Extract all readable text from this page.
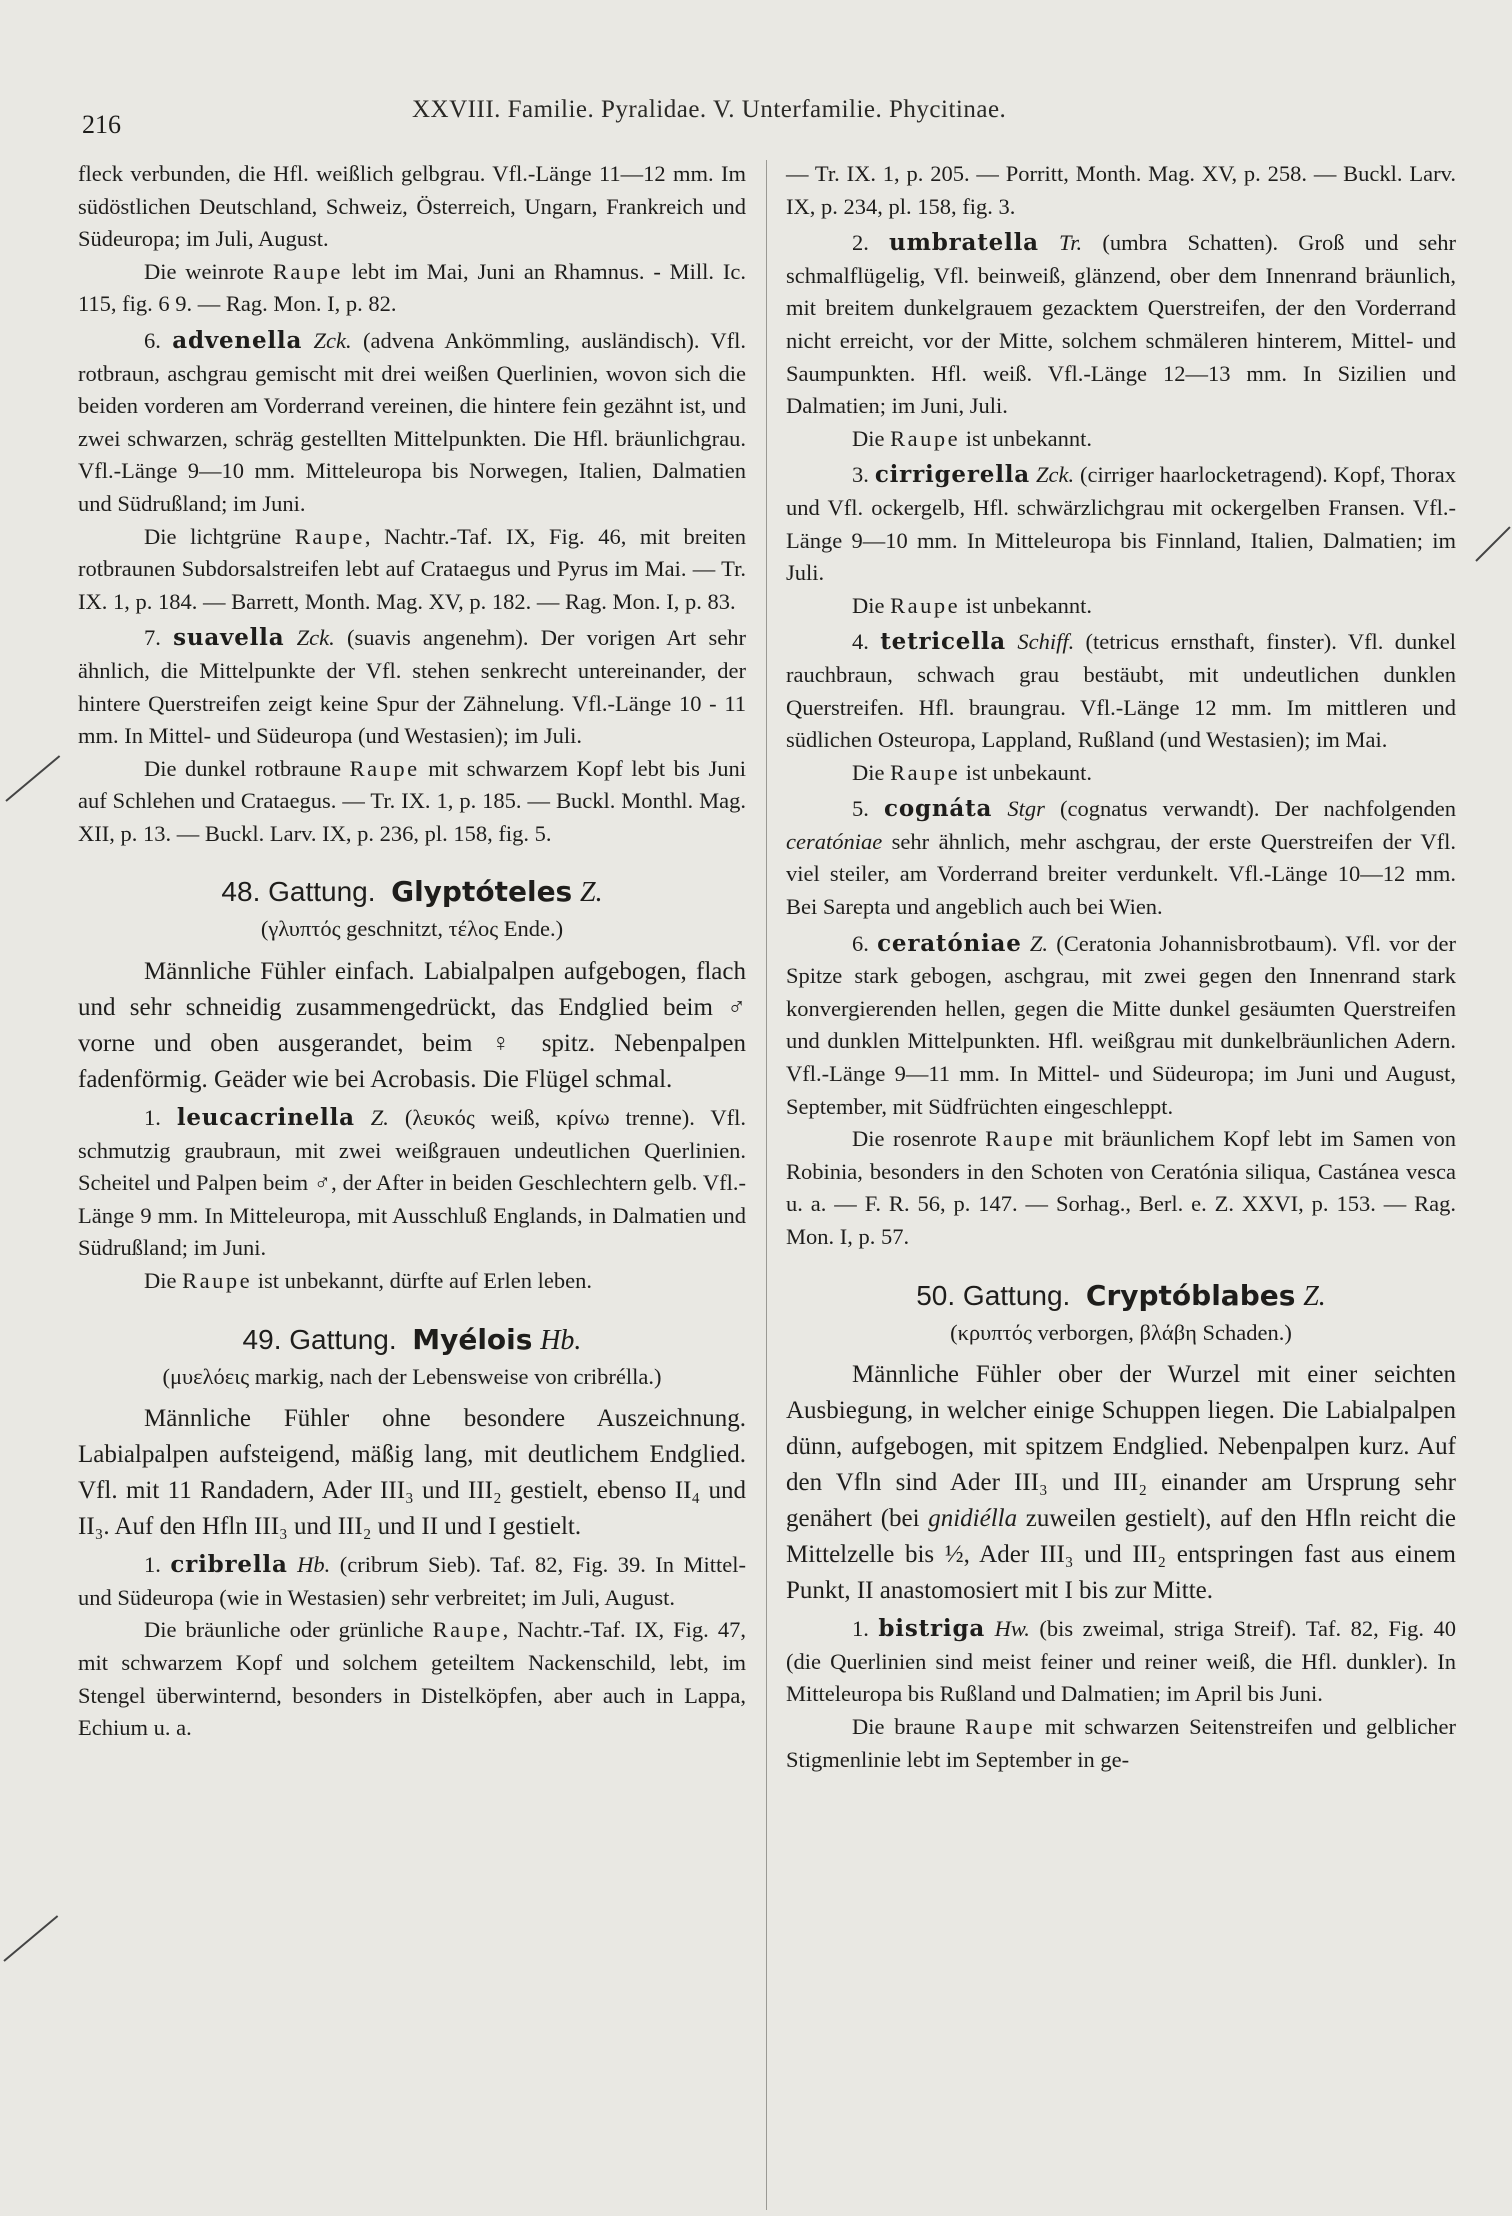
216
XXVIII. Familie. Pyralidae. V. Unterfamilie. Phycitinae.

fleck verbunden, die Hfl. weißlich gelbgrau. Vfl.-Länge 11—12 mm. Im südöstlichen Deutschland, Schweiz, Österreich, Ungarn, Frankreich und Südeuropa; im Juli, August.

Die weinrote Raupe lebt im Mai, Juni an Rhamnus. - Mill. Ic. 115, fig. 6 9. — Rag. Mon. I, p. 82.

6. advenella Zck. (advena Ankömmling, ausländisch). Vfl. rotbraun, aschgrau gemischt mit drei weißen Querlinien, wovon sich die beiden vorderen am Vorderrand vereinen, die hintere fein gezähnt ist, und zwei schwarzen, schräg gestellten Mittelpunkten. Die Hfl. bräunlichgrau. Vfl.-Länge 9—10 mm. Mitteleuropa bis Norwegen, Italien, Dalmatien und Südrußland; im Juni.

Die lichtgrüne Raupe, Nachtr.-Taf. IX, Fig. 46, mit breiten rotbraunen Subdorsalstreifen lebt auf Crataegus und Pyrus im Mai. — Tr. IX. 1, p. 184. — Barrett, Month. Mag. XV, p. 182. — Rag. Mon. I, p. 83.

7. suavella Zck. (suavis angenehm). Der vorigen Art sehr ähnlich, die Mittelpunkte der Vfl. stehen senkrecht untereinander, der hintere Querstreifen zeigt keine Spur der Zähnelung. Vfl.-Länge 10 - 11 mm. In Mittel- und Südeuropa (und Westasien); im Juli.

Die dunkel rotbraune Raupe mit schwarzem Kopf lebt bis Juni auf Schlehen und Crataegus. — Tr. IX. 1, p. 185. — Buckl. Monthl. Mag. XII, p. 13. — Buckl. Larv. IX, p. 236, pl. 158, fig. 5.

48. Gattung. Glyptóteles Z.

(γλυπτός geschnitzt, τέλος Ende.)

Männliche Fühler einfach. Labialpalpen aufgebogen, flach und sehr schneidig zusammengedrückt, das Endglied beim ♂ vorne und oben ausgerandet, beim ♀ spitz. Nebenpalpen fadenförmig. Geäder wie bei Acrobasis. Die Flügel schmal.

1. leucacrinella Z. (λευκός weiß, κρίνω trenne). Vfl. schmutzig graubraun, mit zwei weißgrauen undeutlichen Querlinien. Scheitel und Palpen beim ♂, der After in beiden Geschlechtern gelb. Vfl.-Länge 9 mm. In Mitteleuropa, mit Ausschluß Englands, in Dalmatien und Südrußland; im Juni.

Die Raupe ist unbekannt, dürfte auf Erlen leben.

49. Gattung. Myélois Hb.

(μυελόεις markig, nach der Lebensweise von cribrélla.)

Männliche Fühler ohne besondere Auszeichnung. Labialpalpen aufsteigend, mäßig lang, mit deutlichem Endglied. Vfl. mit 11 Randadern, Ader III₃ und III₂ gestielt, ebenso II₄ und II₃. Auf den Hfln III₃ und III₂ und II und I gestielt.

1. cribrella Hb. (cribrum Sieb). Taf. 82, Fig. 39. In Mittel- und Südeuropa (wie in Westasien) sehr verbreitet; im Juli, August.

Die bräunliche oder grünliche Raupe, Nachtr.-Taf. IX, Fig. 47, mit schwarzem Kopf und solchem geteiltem Nackenschild, lebt, im Stengel überwinternd, besonders in Distelköpfen, aber auch in Lappa, Echium u. a.

— Tr. IX. 1, p. 205. — Porritt, Month. Mag. XV, p. 258. — Buckl. Larv. IX, p. 234, pl. 158, fig. 3.

2. umbratella Tr. (umbra Schatten). Groß und sehr schmalflügelig, Vfl. beinweiß, glänzend, ober dem Innenrand bräunlich, mit breitem dunkelgrauem gezacktem Querstreifen, der den Vorderrand nicht erreicht, vor der Mitte, solchem schmäleren hinterem, Mittel- und Saumpunkten. Hfl. weiß. Vfl.-Länge 12—13 mm. In Sizilien und Dalmatien; im Juni, Juli.

Die Raupe ist unbekannt.

3. cirrigerella Zck. (cirriger haarlocketragend). Kopf, Thorax und Vfl. ockergelb, Hfl. schwärzlichgrau mit ockergelben Fransen. Vfl.-Länge 9—10 mm. In Mitteleuropa bis Finnland, Italien, Dalmatien; im Juli.

Die Raupe ist unbekannt.

4. tetricella Schiff. (tetricus ernsthaft, finster). Vfl. dunkel rauchbraun, schwach grau bestäubt, mit undeutlichen dunklen Querstreifen. Hfl. braungrau. Vfl.-Länge 12 mm. Im mittleren und südlichen Osteuropa, Lappland, Rußland (und Westasien); im Mai.

Die Raupe ist unbekaunt.

5. cognáta Stgr (cognatus verwandt). Der nachfolgenden ceratóniae sehr ähnlich, mehr aschgrau, der erste Querstreifen der Vfl. viel steiler, am Vorderrand breiter verdunkelt. Vfl.-Länge 10—12 mm. Bei Sarepta und angeblich auch bei Wien.

6. ceratóniae Z. (Ceratonia Johannisbrotbaum). Vfl. vor der Spitze stark gebogen, aschgrau, mit zwei gegen den Innenrand stark konvergierenden hellen, gegen die Mitte dunkel gesäumten Querstreifen und dunklen Mittelpunkten. Hfl. weißgrau mit dunkelbräunlichen Adern. Vfl.-Länge 9—11 mm. In Mittel- und Südeuropa; im Juni und August, September, mit Südfrüchten eingeschleppt.

Die rosenrote Raupe mit bräunlichem Kopf lebt im Samen von Robinia, besonders in den Schoten von Ceratónia siliqua, Castánea vesca u. a. — F. R. 56, p. 147. — Sorhag., Berl. e. Z. XXVI, p. 153. — Rag. Mon. I, p. 57.

50. Gattung. Cryptóblabes Z.

(κρυπτός verborgen, βλάβη Schaden.)

Männliche Fühler ober der Wurzel mit einer seichten Ausbiegung, in welcher einige Schuppen liegen. Die Labialpalpen dünn, aufgebogen, mit spitzem Endglied. Nebenpalpen kurz. Auf den Vfln sind Ader III₃ und III₂ einander am Ursprung sehr genähert (bei gnidiélla zuweilen gestielt), auf den Hfln reicht die Mittelzelle bis ½, Ader III₃ und III₂ entspringen fast aus einem Punkt, II anastomosiert mit I bis zur Mitte.

1. bistriga Hw. (bis zweimal, striga Streif). Taf. 82, Fig. 40 (die Querlinien sind meist feiner und reiner weiß, die Hfl. dunkler). In Mitteleuropa bis Rußland und Dalmatien; im April bis Juni.

Die braune Raupe mit schwarzen Seitenstreifen und gelblicher Stigmenlinie lebt im September in ge-
